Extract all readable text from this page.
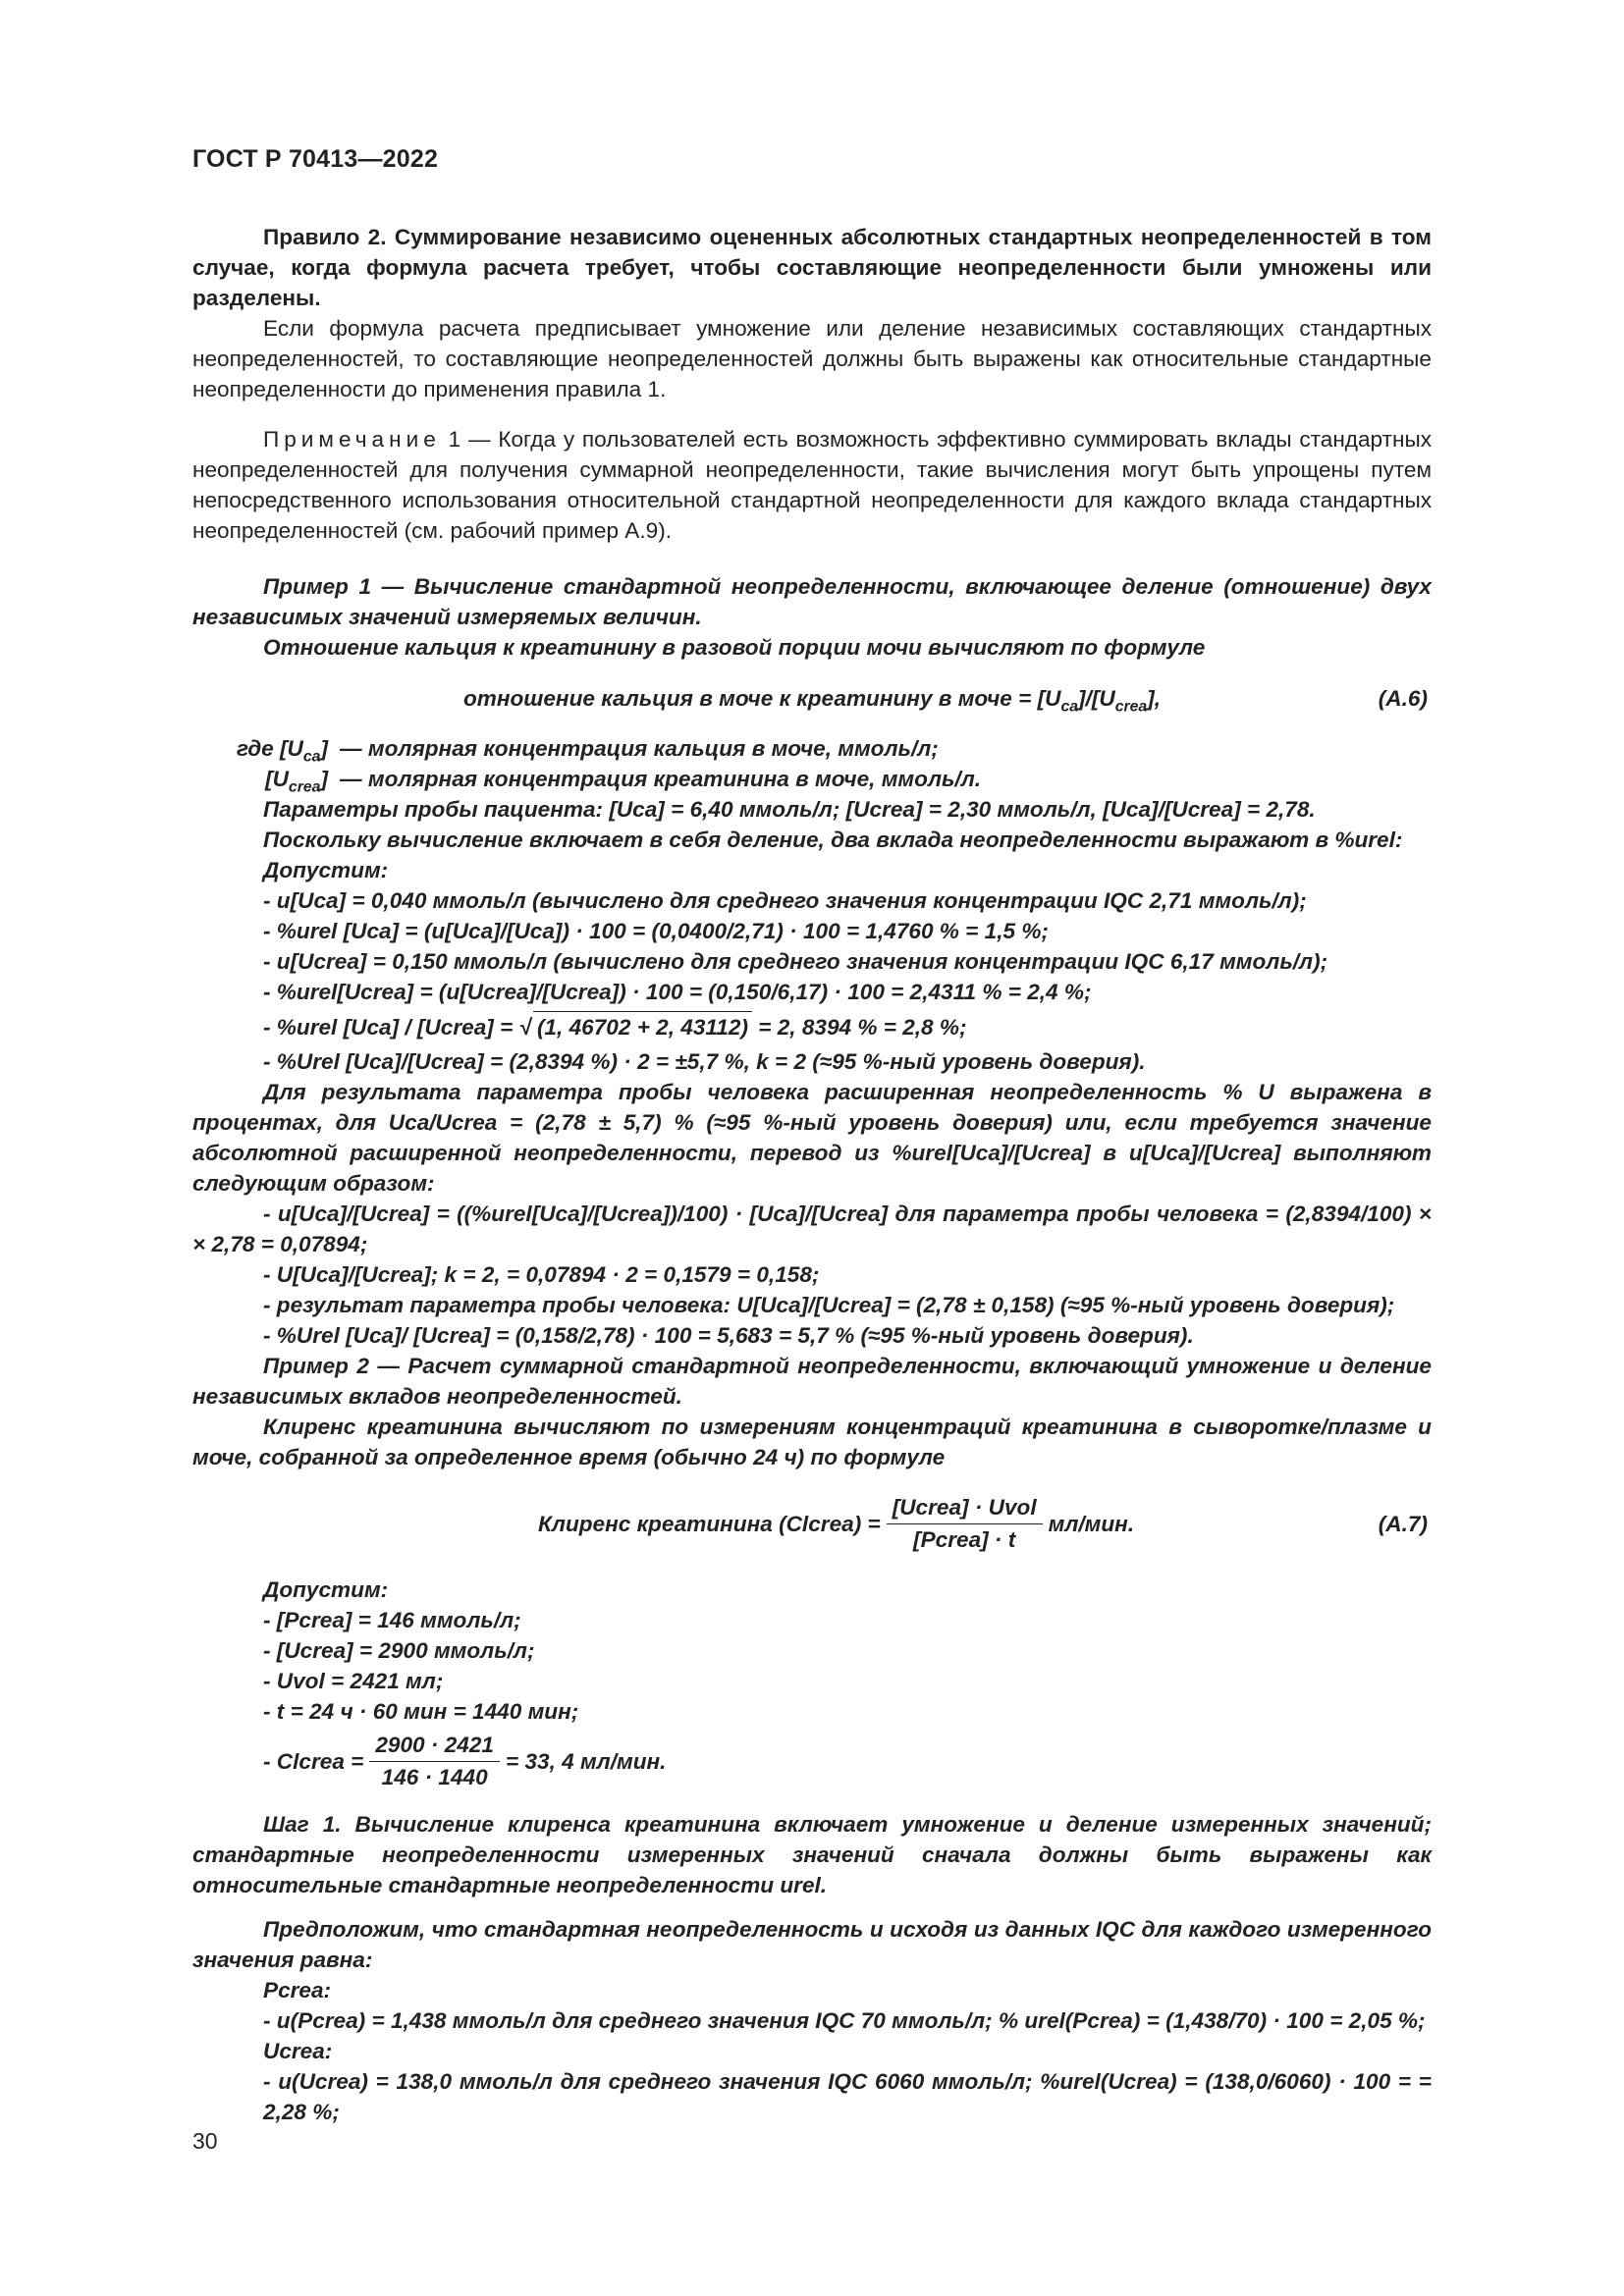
ГОСТ Р 70413—2022

Правило 2. Суммирование независимо оцененных абсолютных стандартных неопределенностей в том случае, когда формула расчета требует, чтобы составляющие неопределенности были умножены или разделены.

Если формула расчета предписывает умножение или деление независимых составляющих стандартных неопределенностей, то составляющие неопределенностей должны быть выражены как относительные стандартные неопределенности до применения правила 1.

Примечание 1 — Когда у пользователей есть возможность эффективно суммировать вклады стандартных неопределенностей для получения суммарной неопределенности, такие вычисления могут быть упрощены путем непосредственного использования относительной стандартной неопределенности для каждого вклада стандартных неопределенностей (см. рабочий пример А.9).

Пример 1 — Вычисление стандартной неопределенности, включающее деление (отношение) двух независимых значений измеряемых величин.

Отношение кальция к креатинину в разовой порции мочи вычисляют по формуле

отношение кальция в моче к креатинину в моче = $[U_{ca}]/[U_{crea}]$,	(А.6)
где $[U_{ca}]$ — молярная концентрация кальция в моче, ммоль/л;
$[U_{crea}]$ — молярная концентрация креатинина в моче, ммоль/л.

Параметры пробы пациента: [Uca] = 6,40 ммоль/л; [Ucrea] = 2,30 ммоль/л, [Uca]/[Ucrea] = 2,78.

Поскольку вычисление включает в себя деление, два вклада неопределенности выражают в %urel:

Допустим:

- u[Uca] = 0,040 ммоль/л (вычислено для среднего значения концентрации IQC 2,71 ммоль/л);

- %urel [Uca] = (u[Uca]/[Uca]) · 100 = (0,0400/2,71) · 100 = 1,4760 % = 1,5 %;

- u[Ucrea] = 0,150 ммоль/л (вычислено для среднего значения концентрации IQC 6,17 ммоль/л);

- %urel[Ucrea] = (u[Ucrea]/[Ucrea]) · 100 = (0,150/6,17) · 100 = 2,4311 % = 2,4 %;

- %urel [Uca] / [Ucrea] = √ (1, 46702 + 2, 43112) = 2, 8394 % = 2,8 %;

- %Urel [Uca]/[Ucrea] = (2,8394 %) · 2 = ±5,7 %, k = 2 (≈95 %-ный уровень доверия).

Для результата параметра пробы человека расширенная неопределенность % U выражена в процентах, для Uca/Ucrea = (2,78 ± 5,7) % (≈95 %-ный уровень доверия) или, если требуется значение абсолютной расширенной неопределенности, перевод из %urel[Uca]/[Ucrea] в u[Uca]/[Ucrea] выполняют следующим образом:

- u[Uca]/[Ucrea] = ((%urel[Uca]/[Ucrea])/100) · [Uca]/[Ucrea] для параметра пробы человека = (2,8394/100) × × 2,78 = 0,07894;

- U[Uca]/[Ucrea]; k = 2, = 0,07894 · 2 = 0,1579 = 0,158;

- результат параметра пробы человека: U[Uca]/[Ucrea] = (2,78 ± 0,158) (≈95 %-ный уровень доверия);

- %Urel [Uca]/ [Ucrea] = (0,158/2,78) · 100 = 5,683 = 5,7 % (≈95 %-ный уровень доверия).

Пример 2 — Расчет суммарной стандартной неопределенности, включающий умножение и деление независимых вкладов неопределенностей.

Клиренс креатинина вычисляют по измерениям концентраций креатинина в сыворотке/плазме и моче, собранной за определенное время (обычно 24 ч) по формуле

Клиренс креатинина
(Clcrea) = $\frac{\text{[Ucrea] · Uvol}}{\text{[Pcrea] · t}} мл/мин$.	(А.7)

Допустим:

- [Pcrea] = 146 ммоль/л;

- [Ucrea] = 2900 ммоль/л;

- Uvol = 2421 мл;

- t = 24 ч · 60 мин = 1440 мин;

- Clcrea = $\frac{2900 \cdot 2421}{146 \cdot 1440} = 33$, 4 мл/мин.

Шаг 1. Вычисление клиренса креатинина включает умножение и деление измеренных значений; стандартные неопределенности измеренных значений сначала должны быть выражены как относительные стандартные неопределенности urel.

Предположим, что стандартная неопределенность и исходя из данных IQC для каждого измеренного значения равна:

Pcrea:

- u(Pcrea) = 1,438 ммоль/л для среднего значения IQC 70 ммоль/л; % urel(Pcrea) = (1,438/70) · 100 = 2,05 %;

Ucrea:

- u(Ucrea) = 138,0 ммоль/л для среднего значения IQC 6060 ммоль/л; %urel(Ucrea) = (138,0/6060) · 100 = = 2,28 %;

30
